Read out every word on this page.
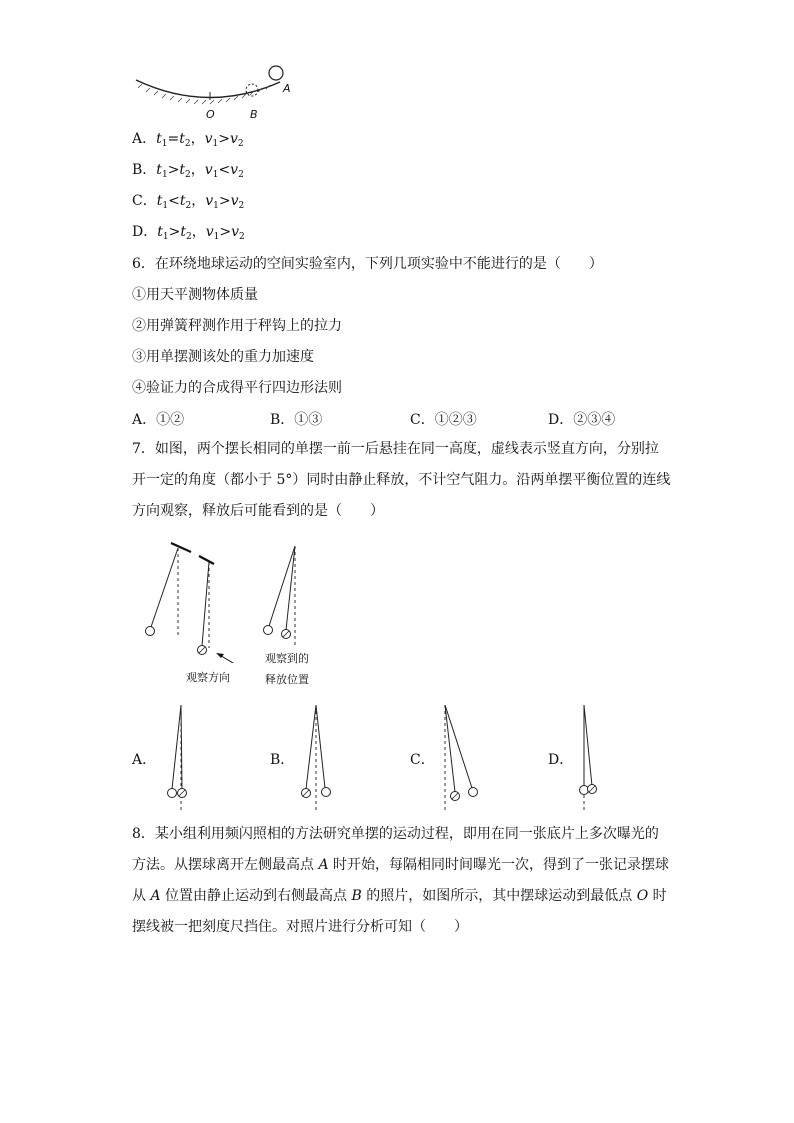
O	B
A
A．$t_1=t_2$，$v_1>v_2$
B．$t_1>t_2$，$v_1<v_2$
C．$t_1<t_2$，$v_1>v_2$
D．$t_1>t_2$，$v_1>v_2$
6．在环绕地球运动的空间实验室内，下列几项实验中不能进行的是（　　）
①用天平测物体质量
②用弹簧秤测作用于秤钩上的拉力
③用单摆测该处的重力加速度
④验证力的合成得平行四边形法则
A．①②	B．①③	C．①②③	D．②③④
7．如图，两个摆长相同的单摆一前一后悬挂在同一高度，虚线表示竖直方向，分别拉开一定的角度（都小于 5°）同时由静止释放，不计空气阻力。沿两单摆平衡位置的连线方向观察，释放后可能看到的是（　　）
观察方向
观察到的
释放位置
A．	B．	C．	D．
8．某小组利用频闪照相的方法研究单摆的运动过程，即用在同一张底片上多次曝光的方法。从摆球离开左侧最高点 A 时开始，每隔相同时间曝光一次，得到了一张记录摆球从 A 位置由静止运动到右侧最高点 B 的照片，如图所示，其中摆球运动到最低点 O 时摆线被一把刻度尺挡住。对照片进行分析可知（　　）
